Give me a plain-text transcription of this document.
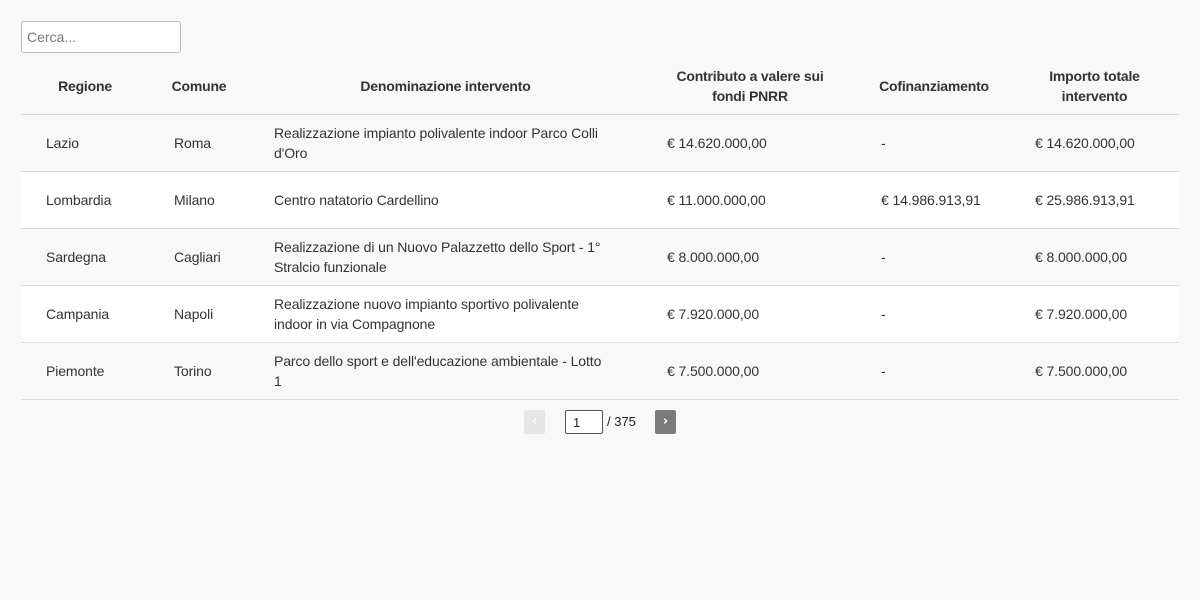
Cerca...
Regione	Comune	Denominazione intervento	Contributo a valere sui fondi PNRR	Cofinanziamento	Importo totale intervento
Lazio	Roma	Realizzazione impianto polivalente indoor Parco Colli d'Oro	€ 14.620.000,00	-	€ 14.620.000,00
Lombardia	Milano	Centro natatorio Cardellino	€ 11.000.000,00	€ 14.986.913,91	€ 25.986.913,91
Sardegna	Cagliari	Realizzazione di un Nuovo Palazzetto dello Sport - 1° Stralcio funzionale	€ 8.000.000,00	-	€ 8.000.000,00
Campania	Napoli	Realizzazione nuovo impianto sportivo polivalente indoor in via Compagnone	€ 7.920.000,00	-	€ 7.920.000,00
Piemonte	Torino	Parco dello sport e dell'educazione ambientale - Lotto 1	€ 7.500.000,00	-	€ 7.500.000,00
‹
1	/ 375	›
